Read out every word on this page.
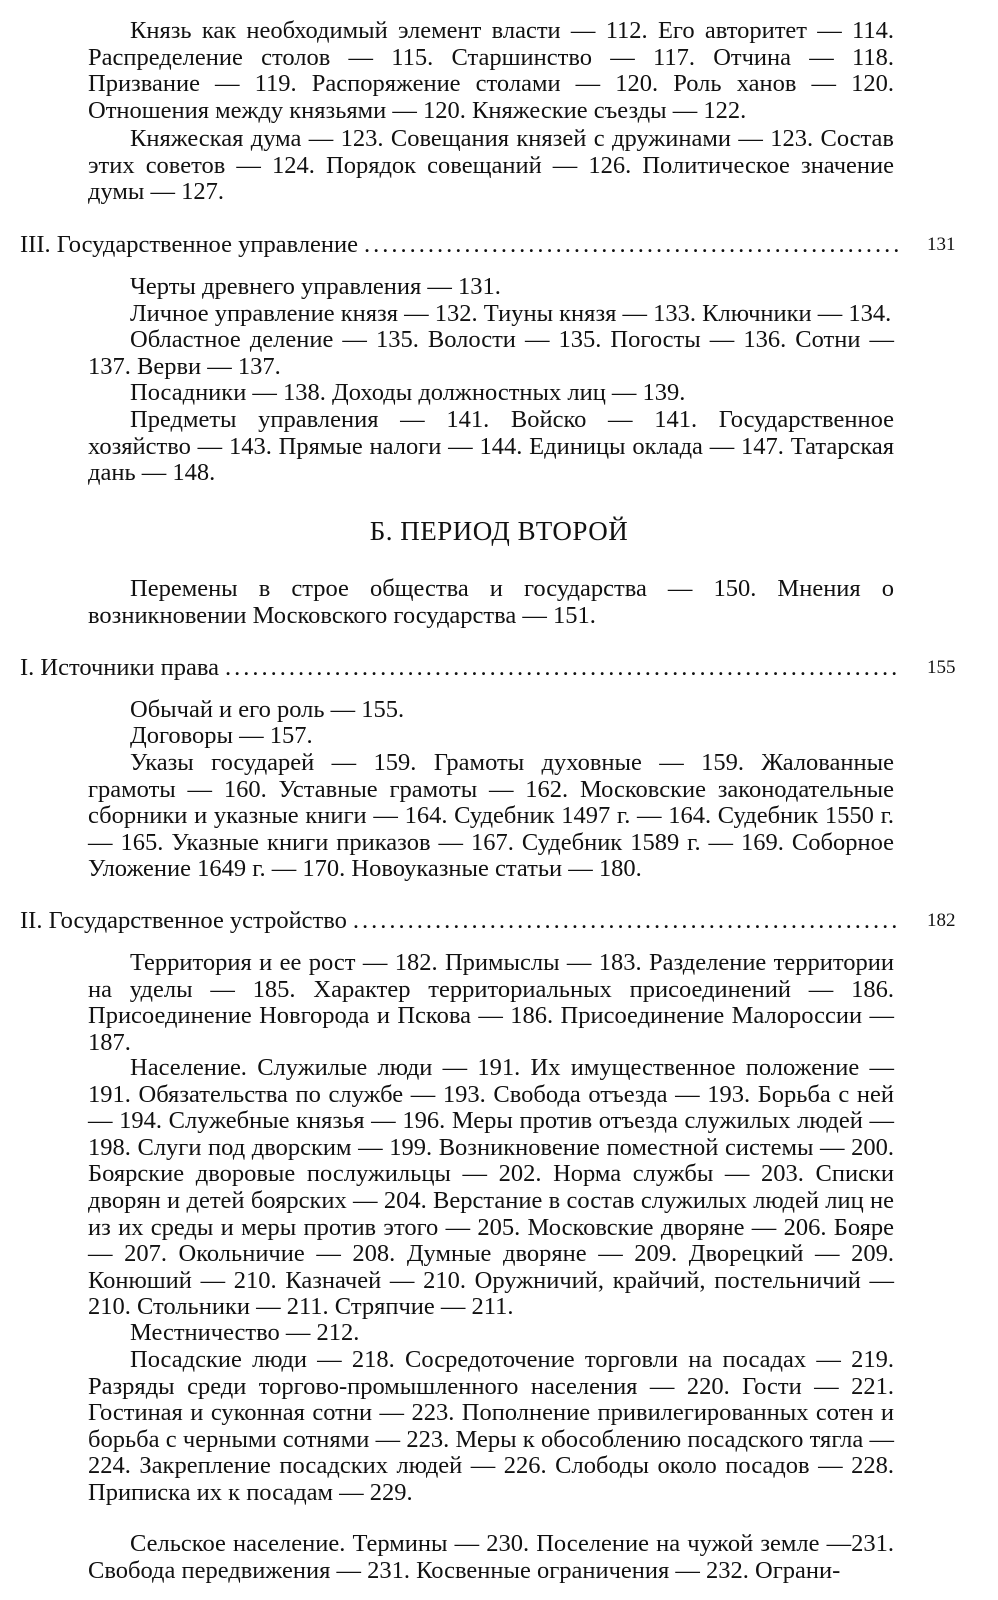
Князь как необходимый элемент власти — 112. Его авторитет — 114. Распределение столов — 115. Старшинство — 117. Отчина — 118. Призвание — 119. Распоряжение столами — 120. Роль ханов — 120. Отношения между князьями — 120. Княжеские съезды — 122.

Княжеская дума — 123. Совещания князей с дружинами — 123. Состав этих советов — 124. Порядок совещаний — 126. Политическое значение думы — 127.

III. Государственное управление .....	131

Черты древнего управления — 131.

Личное управление князя — 132. Тиуны князя — 133. Ключники — 134.

Областное деление — 135. Волости — 135. Погосты — 136. Сотни — 137. Верви — 137.

Посадники — 138. Доходы должностных лиц — 139.

Предметы управления — 141. Войско — 141. Государственное хозяйство — 143. Прямые налоги — 144. Единицы оклада — 147. Татарская дань — 148.

Б. ПЕРИОД ВТОРОЙ

Перемены в строе общества и государства — 150. Мнения о возникновении Московского государства — 151.

I. Источники права .....	155

Обычай и его роль — 155.

Договоры — 157.

Указы государей — 159. Грамоты духовные — 159. Жалованные грамоты — 160. Уставные грамоты — 162. Московские законодательные сборники и указные книги — 164. Судебник 1497 г. — 164. Судебник 1550 г. — 165. Указные книги приказов — 167. Судебник 1589 г. — 169. Соборное Уложение 1649 г. — 170. Новоуказные статьи — 180.

II. Государственное устройство .....	182

Территория и ее рост — 182. Примыслы — 183. Разделение территории на уделы — 185. Характер территориальных присоединений — 186. Присоединение Новгорода и Пскова — 186. Присоединение Малороссии — 187.

Население. Служилые люди — 191. Их имущественное положение — 191. Обязательства по службе — 193. Свобода отъезда — 193. Борьба с ней — 194. Служебные князья — 196. Меры против отъезда служилых людей — 198. Слуги под дворским — 199. Возникновение поместной системы — 200. Боярские дворовые послужильцы — 202. Норма службы — 203. Списки дворян и детей боярских — 204. Верстание в состав служилых людей лиц не из их среды и меры против этого — 205. Московские дворяне — 206. Бояре — 207. Окольничие — 208. Думные дворяне — 209. Дворецкий — 209. Конюший — 210. Казначей — 210. Оружничий, крайчий, постельничий — 210. Стольники — 211. Стряпчие — 211.

Местничество — 212.

Посадские люди — 218. Сосредоточение торговли на посадах — 219. Разряды среди торгово-промышленного населения — 220. Гости — 221. Гостиная и суконная сотни — 223. Пополнение привилегированных сотен и борьба с черными сотнями — 223. Меры к обособлению посадского тягла — 224. Закрепление посадских людей — 226. Слободы около посадов — 228. Приписка их к посадам — 229.

Сельское население. Термины — 230. Поселение на чужой земле —231. Свобода передвижения — 231. Косвенные ограничения — 232. Ограни-
